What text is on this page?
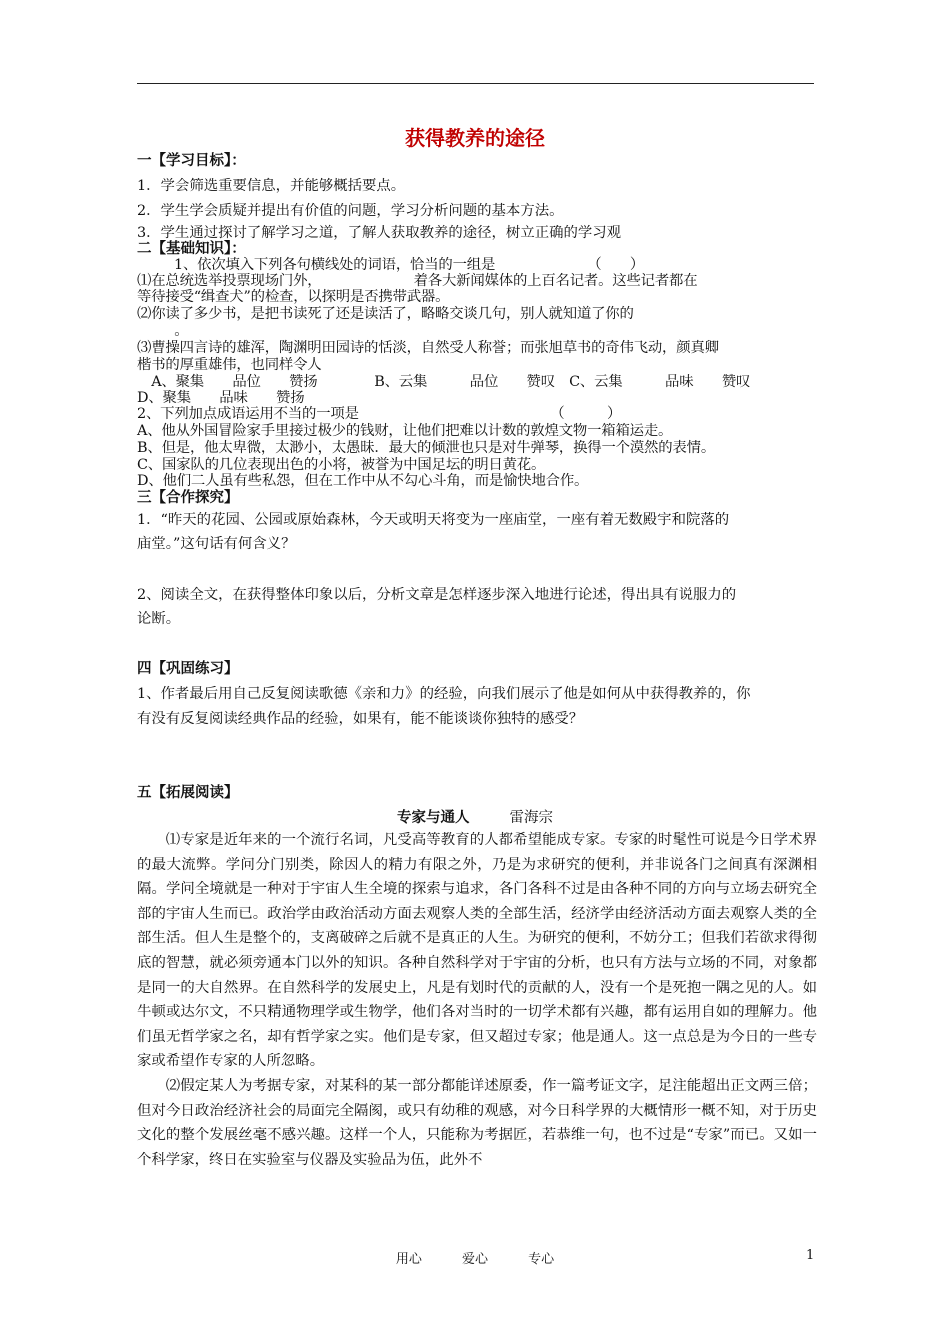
获得教养的途径
一【学习目标】：
1．学会筛选重要信息，并能够概括要点。
2．学生学会质疑并提出有价值的问题，学习分析问题的基本方法。
3．学生通过探讨了解学习之道，了解人获取教养的途径，树立正确的学习观
二【基础知识】：
1、依次填入下列各句横线处的词语，恰当的一组是　　　　　　　（　　）
⑴在总统选举投票现场门外，　　　　　　　着各大新闻媒体的上百名记者。这些记者都在
等待接受“缉查犬”的检查，以探明是否携带武器。
⑵你读了多少书，是把书读死了还是读活了，略略交谈几句，别人就知道了你的
　。
⑶曹操四言诗的雄浑，陶渊明田园诗的恬淡，自然受人称誉；而张旭草书的奇伟飞动，颜真卿
楷书的厚重雄伟，也同样令人
　A、聚集　　品位　　赞扬　　　　B、云集　　　品位　　赞叹　C、云集　　　品味　　赞叹
D、聚集　　品味　　赞扬
2、下列加点成语运用不当的一项是　　　　　　　　　　　　　　（　　　）
A、他从外国冒险家手里接过极少的钱财，让他们把难以计数的敦煌文物一箱箱运走。
B、但是，他太卑微，太渺小，太愚昧．最大的倾泄也只是对牛弹琴，换得一个漠然的表情。
C、国家队的几位表现出色的小将，被誉为中国足坛的明日黄花。
D、他们二人虽有些私怨，但在工作中从不勾心斗角，而是愉快地合作。
三【合作探究】
1．“昨天的花园、公园或原始森林，今天或明天将变为一座庙堂，一座有着无数殿宇和院落的
庙堂。”这句话有何含义？
2、阅读全文，在获得整体印象以后，分析文章是怎样逐步深入地进行论述，得出具有说服力的
论断。
四【巩固练习】
1、作者最后用自己反复阅读歌德《亲和力》的经验，向我们展示了他是如何从中获得教养的，你
有没有反复阅读经典作品的经验，如果有，能不能谈谈你独特的感受？
五【拓展阅读】
专家与通人	雷海宗

⑴专家是近年来的一个流行名词，凡受高等教育的人都希望能成专家。专家的时髦性可说是今日学术界的最大流弊。学问分门别类，除因人的精力有限之外，乃是为求研究的便利，并非说各门之间真有深渊相隔。学问全境就是一种对于宇宙人生全境的探索与追求，各门各科不过是由各种不同的方向与立场去研究全部的宇宙人生而已。政治学由政治活动方面去观察人类的全部生活，经济学由经济活动方面去观察人类的全部生活。但人生是整个的，支离破碎之后就不是真正的人生。为研究的便利，不妨分工；但我们若欲求得彻底的智慧，就必须旁通本门以外的知识。各种自然科学对于宇宙的分析，也只有方法与立场的不同，对象都是同一的大自然界。在自然科学的发展史上，凡是有划时代的贡献的人，没有一个是死抱一隅之见的人。如牛顿或达尔文，不只精通物理学或生物学，他们各对当时的一切学术都有兴趣，都有运用自如的理解力。他们虽无哲学家之名，却有哲学家之实。他们是专家，但又超过专家；他是通人。这一点总是为今日的一些专家或希望作专家的人所忽略。

⑵假定某人为考据专家，对某科的某一部分都能详述原委，作一篇考证文字，足注能超出正文两三倍；但对今日政治经济社会的局面完全隔阂，或只有幼稚的观感，对今日科学界的大概情形一概不知，对于历史文化的整个发展丝毫不感兴趣。这样一个人，只能称为考据匠，若恭维一句，也不过是“专家”而已。又如一个科学家，终日在实验室与仪器及实验品为伍，此外不

用心	爱心	专心	1
